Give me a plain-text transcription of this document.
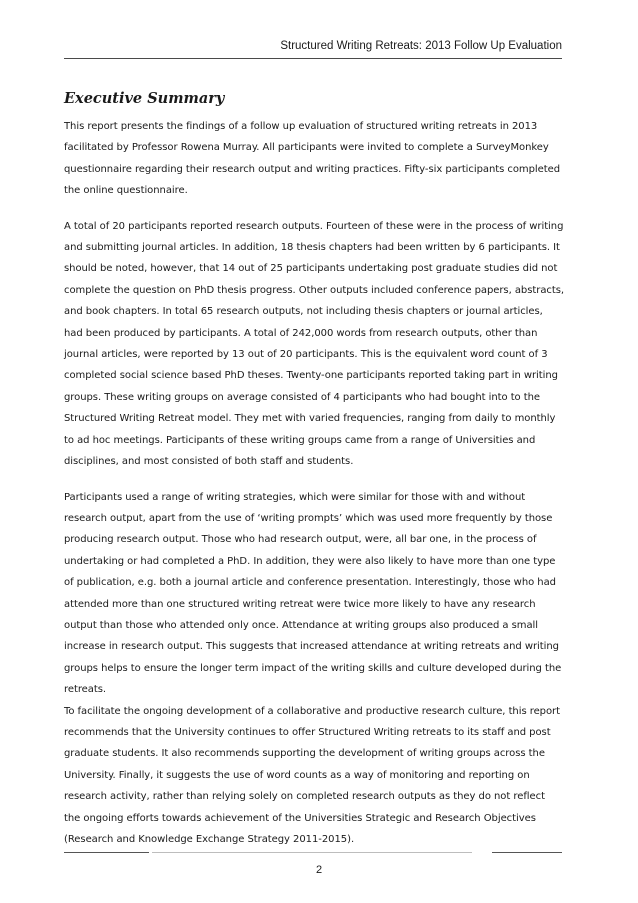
Structured Writing Retreats: 2013 Follow Up Evaluation
Executive Summary

This report presents the findings of a follow up evaluation of structured writing retreats in 2013 facilitated by Professor Rowena Murray. All participants were invited to complete a SurveyMonkey questionnaire regarding their research output and writing practices. Fifty-six participants completed the online questionnaire.

A total of 20 participants reported research outputs. Fourteen of these were in the process of writing and submitting journal articles. In addition, 18 thesis chapters had been written by 6 participants. It should be noted, however, that 14 out of 25 participants undertaking post graduate studies did not complete the question on PhD thesis progress. Other outputs included conference papers, abstracts, and book chapters. In total 65 research outputs, not including thesis chapters or journal articles, had been produced by participants. A total of 242,000 words from research outputs, other than journal articles, were reported by 13 out of 20 participants. This is the equivalent word count of 3 completed social science based PhD theses. Twenty-one participants reported taking part in writing groups. These writing groups on average consisted of 4 participants who had bought into to the Structured Writing Retreat model. They met with varied frequencies, ranging from daily to monthly to ad hoc meetings. Participants of these writing groups came from a range of Universities and disciplines, and most consisted of both staff and students.

Participants used a range of writing strategies, which were similar for those with and without research output, apart from the use of ‘writing prompts’ which was used more frequently by those producing research output. Those who had research output, were, all bar one, in the process of undertaking or had completed a PhD. In addition, they were also likely to have more than one type of publication, e.g. both a journal article and conference presentation. Interestingly, those who had attended more than one structured writing retreat were twice more likely to have any research output than those who attended only once. Attendance at writing groups also produced a small increase in research output. This suggests that increased attendance at writing retreats and writing groups helps to ensure the longer term impact of the writing skills and culture developed during the retreats.

To facilitate the ongoing development of a collaborative and productive research culture, this report recommends that the University continues to offer Structured Writing retreats to its staff and post graduate students. It also recommends supporting the development of writing groups across the University. Finally, it suggests the use of word counts as a way of monitoring and reporting on research activity, rather than relying solely on completed research outputs as they do not reflect the ongoing efforts towards achievement of the Universities Strategic and Research Objectives (Research and Knowledge Exchange Strategy 2011-2015).

2
